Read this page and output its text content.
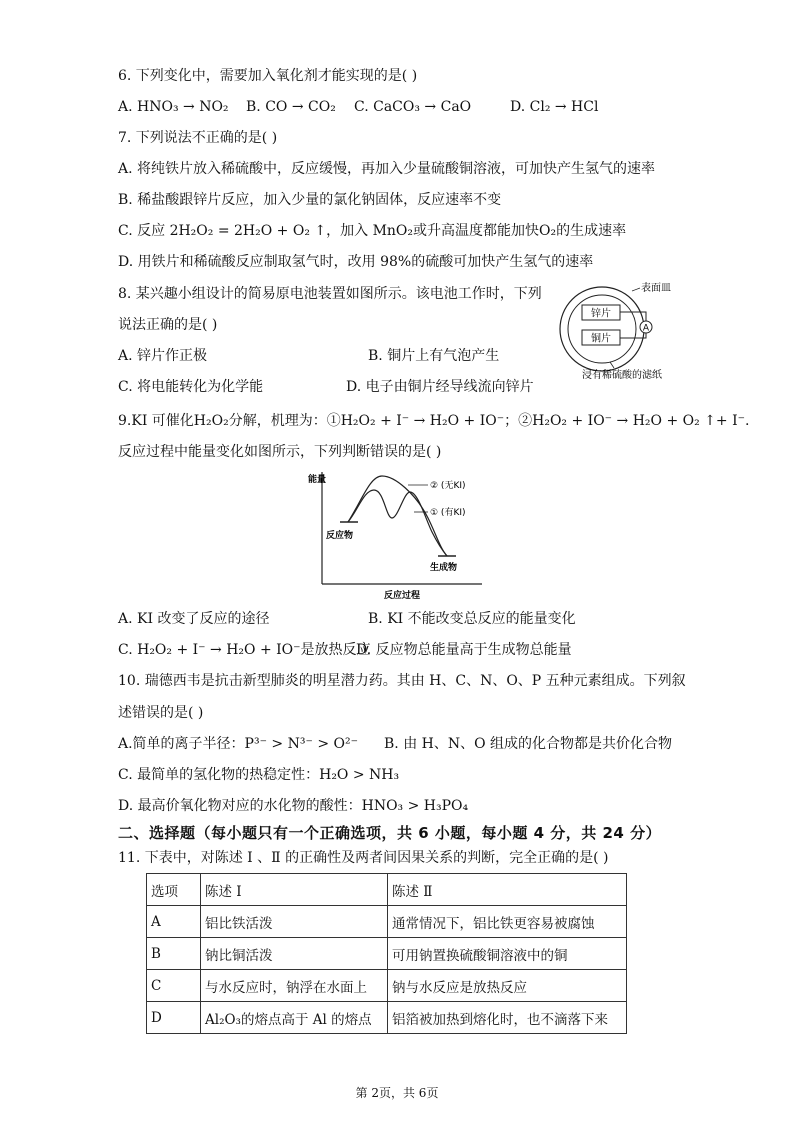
6. 下列变化中，需要加入氧化剂才能实现的是( )
A. HNO₃ → NO₂ B. CO → CO₂ C. CaCO₃ → CaO	D. Cl₂ → HCl
7. 下列说法不正确的是( )
A. 将纯铁片放入稀硫酸中，反应缓慢，再加入少量硫酸铜溶液，可加快产生氢气的速率
B. 稀盐酸跟锌片反应，加入少量的氯化钠固体，反应速率不变
C. 反应 2H₂O₂ = 2H₂O + O₂ ↑，加入 MnO₂或升高温度都能加快O₂的生成速率
D. 用铁片和稀硫酸反应制取氢气时，改用 98%的硫酸可加快产生氢气的速率
8. 某兴趣小组设计的简易原电池装置如图所示。该电池工作时，下列
说法正确的是( )
A. 锌片作正极	B. 铜片上有气泡产生
C. 将电能转化为化学能	D. 电子由铜片经导线流向锌片
锌片
铜片
A
表面皿
浸有稀硫酸的滤纸
9.KI 可催化H₂O₂分解，机理为：①H₂O₂ + I⁻ → H₂O + IO⁻；②H₂O₂ + IO⁻ → H₂O + O₂ ↑+ I⁻.
反应过程中能量变化如图所示，下列判断错误的是( )
能量
② (无KI)
① (有KI)
反应物
生成物
反应过程
A. KI 改变了反应的途径	B. KI 不能改变总反应的能量变化
C. H₂O₂ + I⁻ → H₂O + IO⁻是放热反应
D. 反应物总能量高于生成物总能量
10. 瑞德西韦是抗击新型肺炎的明星潜力药。其由 H、C、N、O、P 五种元素组成。下列叙
述错误的是( )
A.简单的离子半径：P³⁻ > N³⁻ > O²⁻ B. 由 H、N、O 组成的化合物都是共价化合物
C. 最简单的氢化物的热稳定性：H₂O > NH₃
D. 最高价氧化物对应的水化物的酸性：HNO₃ > H₃PO₄
二、选择题（每小题只有一个正确选项，共 6 小题，每小题 4 分，共 24 分）
11. 下表中，对陈述 Ⅰ 、Ⅱ 的正确性及两者间因果关系的判断，完全正确的是( )
选项	陈述 Ⅰ	陈述 Ⅱ
A	铝比铁活泼	通常情况下，铝比铁更容易被腐蚀
B	钠比铜活泼	可用钠置换硫酸铜溶液中的铜
C	与水反应时，钠浮在水面上	钠与水反应是放热反应
D	Al₂O₃的熔点高于 Al 的熔点	铝箔被加热到熔化时，也不滴落下来
第 2页，共 6页
